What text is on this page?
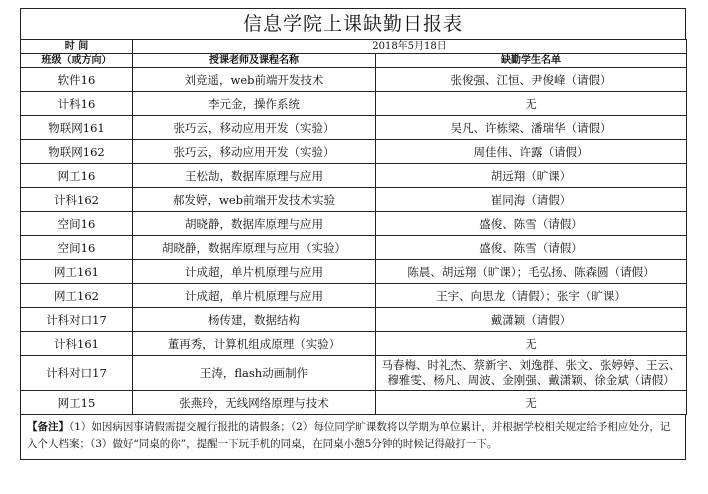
信息学院上课缺勤日报表
时 间	2018年5月18日	
班级（或方向）	授课老师及课程名称	缺勤学生名单
软件16	刘竞遥，web前端开发技术	张俊强、江恒、尹俊峰（请假）
计科16	李元金，操作系统	无
物联网161	张巧云，移动应用开发（实验）	吴凡、许栋梁、潘瑞华（请假）
物联网162	张巧云，移动应用开发（实验）	周佳伟、许露（请假）
网工16	王松劼，数据库原理与应用	胡远翔（旷课）
计科162	郝发婷，web前端开发技术实验	崔同海（请假）
空间16	胡晓静，数据库原理与应用	盛俊、陈雪（请假）
空间16	胡晓静，数据库原理与应用（实验）	盛俊、陈雪（请假）
网工161	计成超，单片机原理与应用	陈晨、胡远翔（旷课）；毛弘扬、陈森圆（请假）
网工162	计成超，单片机原理与应用	王宇、向思龙（请假）；张宇（旷课）
计科对口17	杨传建，数据结构	戴潇颖（请假）
计科161	董再秀，计算机组成原理（实验）	无
计科对口17	王涛，flash动画制作	马春梅、时礼杰、蔡新宇、刘逸群、张文、张婷婷、王云、穆雅雯、杨凡、周波、金刚强、戴潇颖、徐金斌（请假）
网工15	张燕玲，无线网络原理与技术	无
【备注】（1）如因病因事请假需提交履行报批的请假条；（2）每位同学旷课数将以学期为单位累计，并根据学校相关规定给予相应处分，记入个人档案；（3）做好“同桌的你”，提醒一下玩手机的同桌，在同桌小憩5分钟的时候记得敲打一下。
